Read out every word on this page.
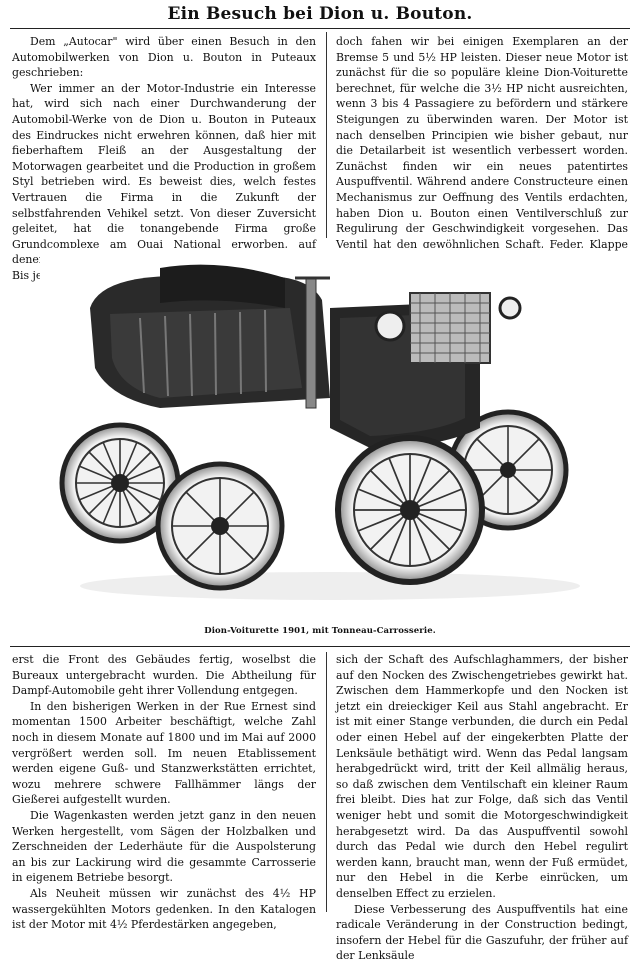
Ein Besuch bei Dion u. Bouton.

Dem „Autocar" wird über einen Besuch in den Automobilwerken von Dion u. Bouton in Puteaux geschrieben:

Wer immer an der Motor-Industrie ein Interesse hat, wird sich nach einer Durchwanderung der Automobil-Werke von de Dion u. Bouton in Puteaux des Eindruckes nicht erwehren können, daß hier mit fieberhaftem Fleiß an der Ausgestaltung der Motorwagen gearbeitet und die Production in großem Styl betrieben wird. Es beweist dies, welch festes Vertrauen die Firma in die Zukunft der selbstfahrenden Vehikel setzt. Von dieser Zuversicht geleitet, hat die tonangebende Firma große Grundcomplexe am Quai National erworben, auf denen gigantische Fabriksgebäude aufgeführt werden. Bis jetzt ist aber

doch fahen wir bei einigen Exemplaren an der Bremse 5 und 5½ HP leisten. Dieser neue Motor ist zunächst für die so populäre kleine Dion-Voiturette berechnet, für welche die 3½ HP nicht ausreichten, wenn 3 bis 4 Passagiere zu befördern und stärkere Steigungen zu überwinden waren. Der Motor ist nach denselben Principien wie bisher gebaut, nur die Detailarbeit ist wesentlich verbessert worden. Zunächst finden wir ein neues patentirtes Auspuffventil. Während andere Constructeure einen Mechanismus zur Oeffnung des Ventils erdachten, haben Dion u. Bouton einen Ventilverschluß zur Regulirung der Geschwindigkeit vorgesehen. Das Ventil hat den gewöhnlichen Schaft, Feder, Klappe und Splint; unterhalb derselben befindet

Dion-Voiturette 1901, mit Tonneau-Carrosserie.

erst die Front des Gebäudes fertig, woselbst die Bureaux untergebracht wurden. Die Abtheilung für Dampf-Automobile geht ihrer Vollendung entgegen.

In den bisherigen Werken in der Rue Ernest sind momentan 1500 Arbeiter beschäftigt, welche Zahl noch in diesem Monate auf 1800 und im Mai auf 2000 vergrößert werden soll. Im neuen Etablissement werden eigene Guß- und Stanzwerkstätten errichtet, wozu mehrere schwere Fallhämmer längs der Gießerei aufgestellt wurden.

Die Wagenkasten werden jetzt ganz in den neuen Werken hergestellt, vom Sägen der Holzbalken und Zerschneiden der Lederhäute für die Auspolsterung an bis zur Lackirung wird die gesammte Carrosserie in eigenem Betriebe besorgt.

Als Neuheit müssen wir zunächst des 4½ HP wassergekühlten Motors gedenken. In den Katalogen ist der Motor mit 4½ Pferdestärken angegeben,

sich der Schaft des Aufschlaghammers, der bisher auf den Nocken des Zwischengetriebes gewirkt hat. Zwischen dem Hammerkopfe und den Nocken ist jetzt ein dreieckiger Keil aus Stahl angebracht. Er ist mit einer Stange verbunden, die durch ein Pedal oder einen Hebel auf der eingekerbten Platte der Lenksäule bethätigt wird. Wenn das Pedal langsam herabgedrückt wird, tritt der Keil allmälig heraus, so daß zwischen dem Ventilschaft ein kleiner Raum frei bleibt. Dies hat zur Folge, daß sich das Ventil weniger hebt und somit die Motorgeschwindigkeit herabgesetzt wird. Da das Auspuffventil sowohl durch das Pedal wie durch den Hebel regulirt werden kann, braucht man, wenn der Fuß ermüdet, nur den Hebel in die Kerbe einrücken, um denselben Effect zu erzielen.

Diese Verbesserung des Auspuffventils hat eine radicale Veränderung in der Construction bedingt, insofern der Hebel für die Gaszufuhr, der früher auf der Lenksäule
